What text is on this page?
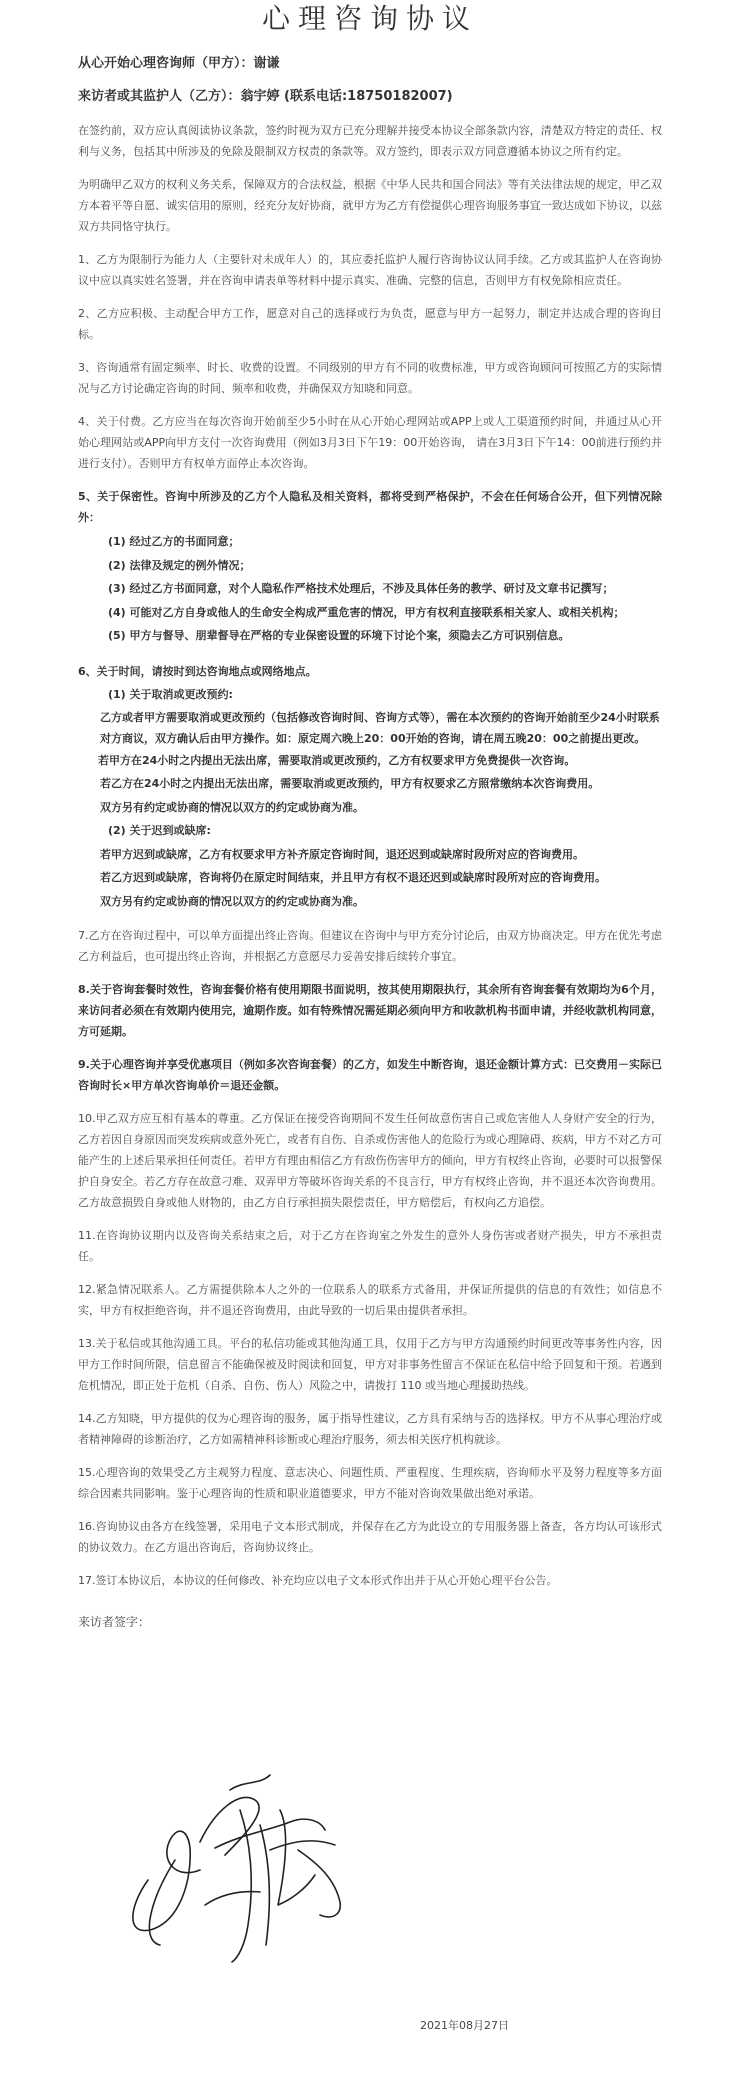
心理咨询协议
从心开始心理咨询师（甲方）：谢谦
来访者或其监护人（乙方）：翁宇婷 (联系电话:18750182007)

在签约前，双方应认真阅读协议条款，签约时视为双方已充分理解并接受本协议全部条款内容，清楚双方特定的责任、权利与义务，包括其中所涉及的免除及限制双方权责的条款等。双方签约，即表示双方同意遵循本协议之所有约定。

为明确甲乙双方的权利义务关系，保障双方的合法权益，根据《中华人民共和国合同法》等有关法律法规的规定，甲乙双方本着平等自愿、诚实信用的原则，经充分友好协商，就甲方为乙方有偿提供心理咨询服务事宜一致达成如下协议，以兹双方共同恪守执行。

1、乙方为限制行为能力人（主要针对未成年人）的，其应委托监护人履行咨询协议认同手续。乙方或其监护人在咨询协议中应以真实姓名签署，并在咨询申请表单等材料中提示真实、准确、完整的信息，否则甲方有权免除相应责任。

2、乙方应积极、主动配合甲方工作，愿意对自己的选择或行为负责，愿意与甲方一起努力，制定并达成合理的咨询目标。

3、咨询通常有固定频率、时长、收费的设置。不同级别的甲方有不同的收费标准，甲方或咨询顾问可按照乙方的实际情况与乙方讨论确定咨询的时间、频率和收费，并确保双方知晓和同意。

4、关于付费。乙方应当在每次咨询开始前至少5小时在从心开始心理网站或APP上或人工渠道预约时间，并通过从心开始心理网站或APP向甲方支付一次咨询费用（例如3月3日下午19：00开始咨询， 请在3月3日下午14：00前进行预约并进行支付）。否则甲方有权单方面停止本次咨询。

5、关于保密性。咨询中所涉及的乙方个人隐私及相关资料，都将受到严格保护，不会在任何场合公开，但下列情况除外：

(1) 经过乙方的书面同意；
(2) 法律及规定的例外情况；
(3) 经过乙方书面同意，对个人隐私作严格技术处理后，不涉及具体任务的教学、研讨及文章书记撰写；
(4) 可能对乙方自身或他人的生命安全构成严重危害的情况，甲方有权利直接联系相关家人、或相关机构；
(5) 甲方与督导、朋辈督导在严格的专业保密设置的环境下讨论个案，须隐去乙方可识别信息。
6、关于时间，请按时到达咨询地点或网络地点。
(1) 关于取消或更改预约:
乙方或者甲方需要取消或更改预约（包括修改咨询时间、咨询方式等），需在本次预约的咨询开始前至少24小时联系对方商议，双方确认后由甲方操作。如：原定周六晚上20：00开始的咨询，请在周五晚20：00之前提出更改。
若甲方在24小时之内提出无法出席，需要取消或更改预约，乙方有权要求甲方免费提供一次咨询。
若乙方在24小时之内提出无法出席，需要取消或更改预约，甲方有权要求乙方照常缴纳本次咨询费用。
双方另有约定或协商的情况以双方的约定或协商为准。
(2) 关于迟到或缺席:
若甲方迟到或缺席，乙方有权要求甲方补齐原定咨询时间，退还迟到或缺席时段所对应的咨询费用。
若乙方迟到或缺席，咨询将仍在原定时间结束，并且甲方有权不退还迟到或缺席时段所对应的咨询费用。
双方另有约定或协商的情况以双方的约定或协商为准。

7.乙方在咨询过程中，可以单方面提出终止咨询。但建议在咨询中与甲方充分讨论后，由双方协商决定。甲方在优先考虑乙方利益后，也可提出终止咨询，并根据乙方意愿尽力妥善安排后续转介事宜。

8.关于咨询套餐时效性，咨询套餐价格有使用期限书面说明，按其使用期限执行，其余所有咨询套餐有效期均为6个月，来访问者必须在有效期内使用完，逾期作废。如有特殊情况需延期必须向甲方和收款机构书面申请，并经收款机构同意，方可延期。

9.关于心理咨询并享受优惠项目（例如多次咨询套餐）的乙方，如发生中断咨询，退还金额计算方式：已交费用－实际已咨询时长×甲方单次咨询单价＝退还金额。

10.甲乙双方应互相有基本的尊重。乙方保证在接受咨询期间不发生任何故意伤害自己或危害他人人身财产安全的行为，乙方若因自身原因而突发疾病或意外死亡，或者有自伤、自杀或伤害他人的危险行为或心理障碍、疾病，甲方不对乙方可能产生的上述后果承担任何责任。若甲方有理由相信乙方有敌伤伤害甲方的倾向，甲方有权终止咨询，必要时可以报警保护自身安全。若乙方存在故意刁难、双弄甲方等破坏咨询关系的不良言行，甲方有权终止咨询，并不退还本次咨询费用。乙方故意损毁自身或他人财物的，由乙方自行承担损失限偿责任，甲方赔偿后，有权向乙方追偿。

11.在咨询协议期内以及咨询关系结束之后，对于乙方在咨询室之外发生的意外人身伤害或者财产损失，甲方不承担责任。

12.紧急情况联系人。乙方需提供除本人之外的一位联系人的联系方式备用，并保证所提供的信息的有效性；如信息不实，甲方有权拒绝咨询，并不退还咨询费用，由此导致的一切后果由提供者承担。

13.关于私信或其他沟通工具。平台的私信功能或其他沟通工具，仅用于乙方与甲方沟通预约时间更改等事务性内容，因甲方工作时间所限，信息留言不能确保被及时阅读和回复，甲方对非事务性留言不保证在私信中给予回复和干预。若遇到危机情况，即正处于危机（自杀、自伤、伤人）风险之中，请拨打 110 或当地心理援助热线。

14.乙方知晓，甲方提供的仅为心理咨询的服务，属于指导性建议，乙方具有采纳与否的选择权。甲方不从事心理治疗或者精神障碍的诊断治疗，乙方如需精神科诊断或心理治疗服务，须去相关医疗机构就诊。

15.心理咨询的效果受乙方主观努力程度、意志决心、问题性质、严重程度、生理疾病，咨询师水平及努力程度等多方面综合因素共同影响。鉴于心理咨询的性质和职业道德要求，甲方不能对咨询效果做出绝对承诺。

16.咨询协议由各方在线签署，采用电子文本形式制成，并保存在乙方为此设立的专用服务器上备查，各方均认可该形式的协议效力。在乙方退出咨询后，咨询协议终止。

17.签订本协议后，本协议的任何修改、补充均应以电子文本形式作出并于从心开始心理平台公告。

来访者签字：
2021年08月27日
